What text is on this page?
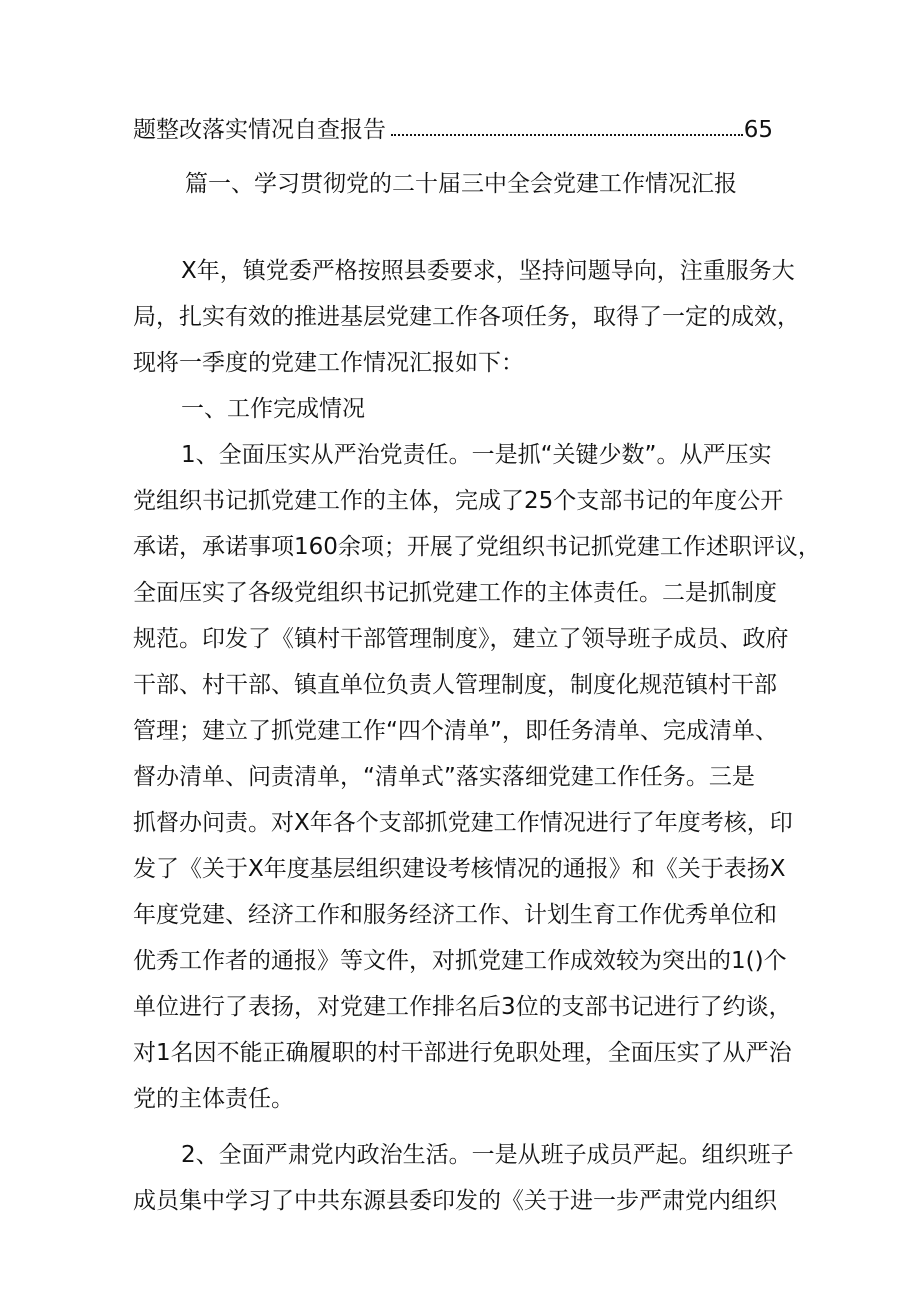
题整改落实情况自查报告	65
篇一、学习贯彻党的二十届三中全会党建工作情况汇报
X年，镇党委严格按照县委要求，坚持问题导向，注重服务大
局，扎实有效的推进基层党建工作各项任务，取得了一定的成效，
现将一季度的党建工作情况汇报如下：
一、工作完成情况
1、全面压实从严治党责任。一是抓“关键少数”。从严压实
党组织书记抓党建工作的主体，完成了25个支部书记的年度公开
承诺，承诺事项160余项；开展了党组织书记抓党建工作述职评议，
全面压实了各级党组织书记抓党建工作的主体责任。二是抓制度
规范。印发了《镇村干部管理制度》，建立了领导班子成员、政府
干部、村干部、镇直单位负责人管理制度，制度化规范镇村干部
管理；建立了抓党建工作“四个清单”，即任务清单、完成清单、
督办清单、问责清单，“清单式”落实落细党建工作任务。三是
抓督办问责。对X年各个支部抓党建工作情况进行了年度考核，印
发了《关于X年度基层组织建设考核情况的通报》和《关于表扬X
年度党建、经济工作和服务经济工作、计划生育工作优秀单位和
优秀工作者的通报》等文件，对抓党建工作成效较为突出的1()个
单位进行了表扬，对党建工作排名后3位的支部书记进行了约谈，
对1名因不能正确履职的村干部进行免职处理，全面压实了从严治
党的主体责任。
2、全面严肃党内政治生活。一是从班子成员严起。组织班子
成员集中学习了中共东源县委印发的《关于进一步严肃党内组织
